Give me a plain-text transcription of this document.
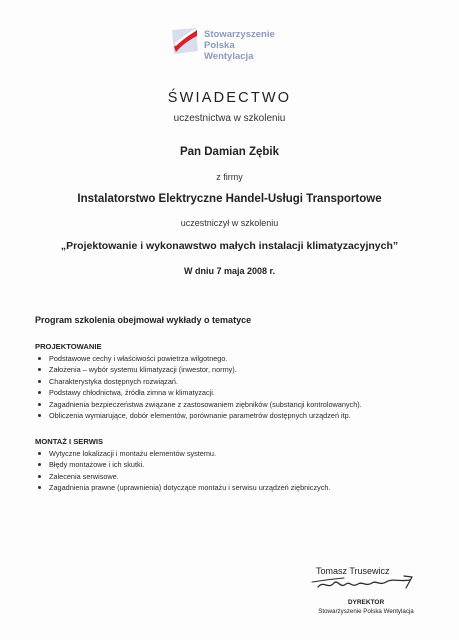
Stowarzyszenie
Polska
Wentylacja
ŚWIADECTWO
uczestnictwa w szkoleniu
Pan Damian Zębik
z firmy
Instalatorstwo Elektryczne Handel-Usługi Transportowe
uczestniczył w szkoleniu
„Projektowanie i wykonawstwo małych instalacji klimatyzacyjnych”
W dniu 7 maja 2008 r.
Program szkolenia obejmował wykłady o tematyce
PROJEKTOWANIE
Podstawowe cechy i właściwości powietrza wilgotnego.
Założenia – wybór systemu klimatyzacji (inwestor, normy).
Charakterystyka dostępnych rozwiązań.
Podstawy chłodnictwa, źródła zimna w klimatyzacji.
Zagadnienia bezpieczeństwa związane z zastosowaniem ziębników (substancji kontrolowanych).
Obliczenia wymiarujące, dobór elementów, porównanie parametrów dostępnych urządzeń itp.
MONTAŻ I SERWIS
Wytyczne lokalizacji i montażu elementów systemu.
Błędy montażowe i ich skutki.
Zalecenia serwisowe.
Zagadnienia prawne (uprawnienia) dotyczące montażu i serwisu urządzeń ziębniczych.
Tomasz Trusewicz
DYREKTOR
Stowarzyszenie Polska Wentylacja
